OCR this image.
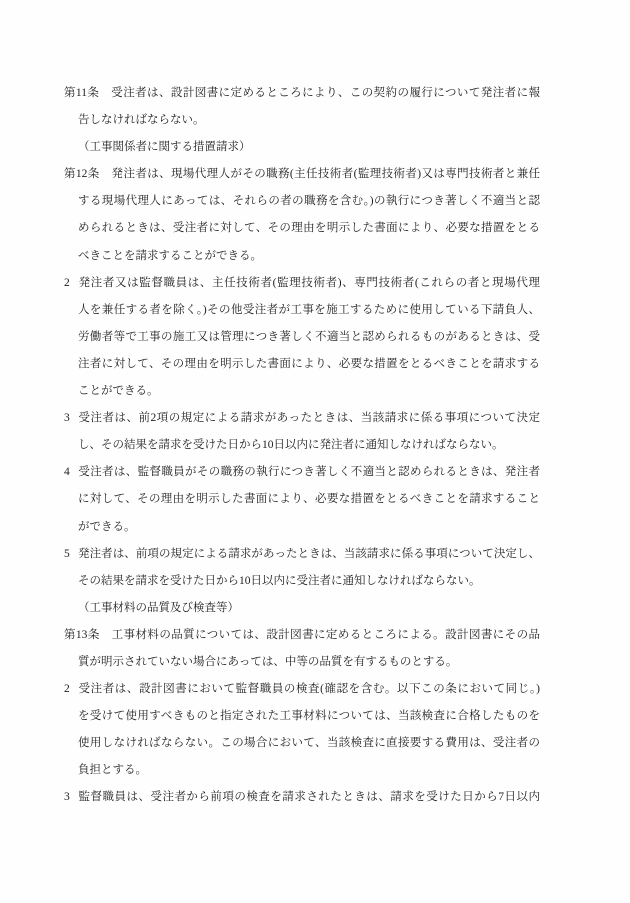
第11条　受注者は、設計図書に定めるところにより、この契約の履行について発注者に報
告しなければならない。
（工事関係者に関する措置請求）
第12条　発注者は、現場代理人がその職務(主任技術者(監理技術者)又は専門技術者と兼任
する現場代理人にあっては、それらの者の職務を含む。)の執行につき著しく不適当と認
められるときは、受注者に対して、その理由を明示した書面により、必要な措置をとる
べきことを請求することができる。
2 発注者又は監督職員は、主任技術者(監理技術者)、専門技術者(これらの者と現場代理
人を兼任する者を除く。)その他受注者が工事を施工するために使用している下請負人、
労働者等で工事の施工又は管理につき著しく不適当と認められるものがあるときは、受
注者に対して、その理由を明示した書面により、必要な措置をとるべきことを請求する
ことができる。
3 受注者は、前2項の規定による請求があったときは、当該請求に係る事項について決定
し、その結果を請求を受けた日から10日以内に発注者に通知しなければならない。
4 受注者は、監督職員がその職務の執行につき著しく不適当と認められるときは、発注者
に対して、その理由を明示した書面により、必要な措置をとるべきことを請求すること
ができる。
5 発注者は、前項の規定による請求があったときは、当該請求に係る事項について決定し、
その結果を請求を受けた日から10日以内に受注者に通知しなければならない。
（工事材料の品質及び検査等）
第13条　工事材料の品質については、設計図書に定めるところによる。設計図書にその品
質が明示されていない場合にあっては、中等の品質を有するものとする。
2 受注者は、設計図書において監督職員の検査(確認を含む。以下この条において同じ。)
を受けて使用すべきものと指定された工事材料については、当該検査に合格したものを
使用しなければならない。この場合において、当該検査に直接要する費用は、受注者の
負担とする。
3 監督職員は、受注者から前項の検査を請求されたときは、請求を受けた日から7日以内
